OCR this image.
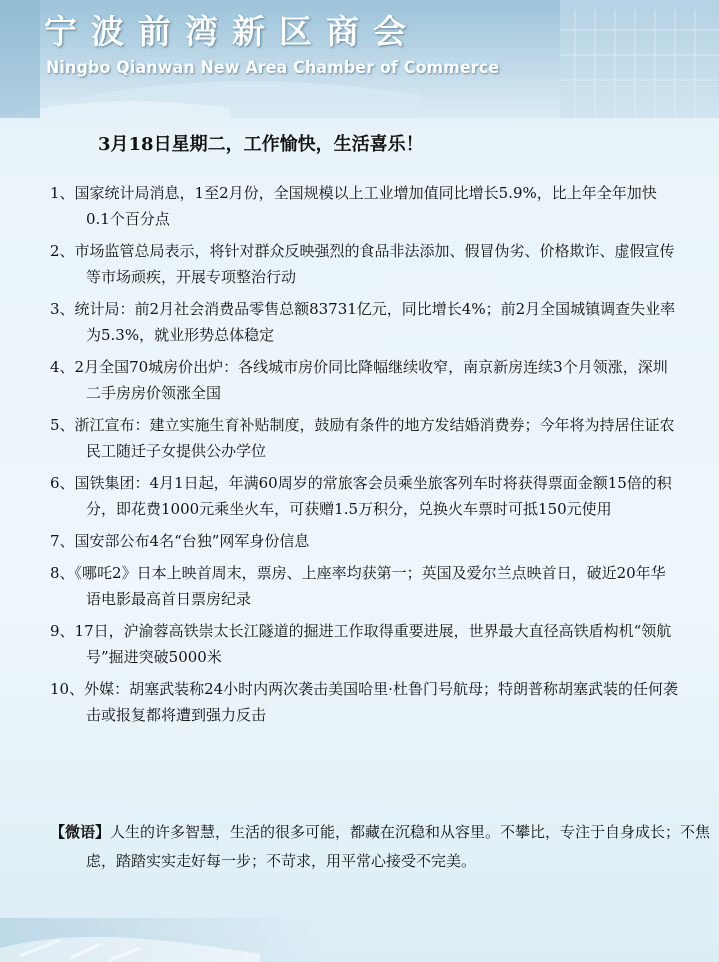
宁波前湾新区商会
Ningbo Qianwan New Area Chamber of Commerce
3月18日星期二，工作愉快，生活喜乐！
1、国家统计局消息，1至2月份，全国规模以上工业增加值同比增长5.9%，比上年全年加快0.1个百分点
2、市场监管总局表示，将针对群众反映强烈的食品非法添加、假冒伪劣、价格欺诈、虚假宣传等市场顽疾，开展专项整治行动
3、统计局：前2月社会消费品零售总额83731亿元，同比增长4%；前2月全国城镇调查失业率为5.3%，就业形势总体稳定
4、2月全国70城房价出炉：各线城市房价同比降幅继续收窄，南京新房连续3个月领涨，深圳二手房房价领涨全国
5、浙江宣布：建立实施生育补贴制度，鼓励有条件的地方发结婚消费券；今年将为持居住证农民工随迁子女提供公办学位
6、国铁集团：4月1日起，年满60周岁的常旅客会员乘坐旅客列车时将获得票面金额15倍的积分，即花费1000元乘坐火车，可获赠1.5万积分，兑换火车票时可抵150元使用
7、国安部公布4名“台独”网军身份信息
8、《哪吒2》日本上映首周末，票房、上座率均获第一；英国及爱尔兰点映首日，破近20年华语电影最高首日票房纪录
9、17日，沪渝蓉高铁崇太长江隧道的掘进工作取得重要进展，世界最大直径高铁盾构机“领航号”掘进突破5000米
10、外媒：胡塞武装称24小时内两次袭击美国哈里·杜鲁门号航母；特朗普称胡塞武装的任何袭击或报复都将遭到强力反击
【微语】人生的许多智慧，生活的很多可能，都藏在沉稳和从容里。不攀比，专注于自身成长；不焦虑，踏踏实实走好每一步；不苛求，用平常心接受不完美。
